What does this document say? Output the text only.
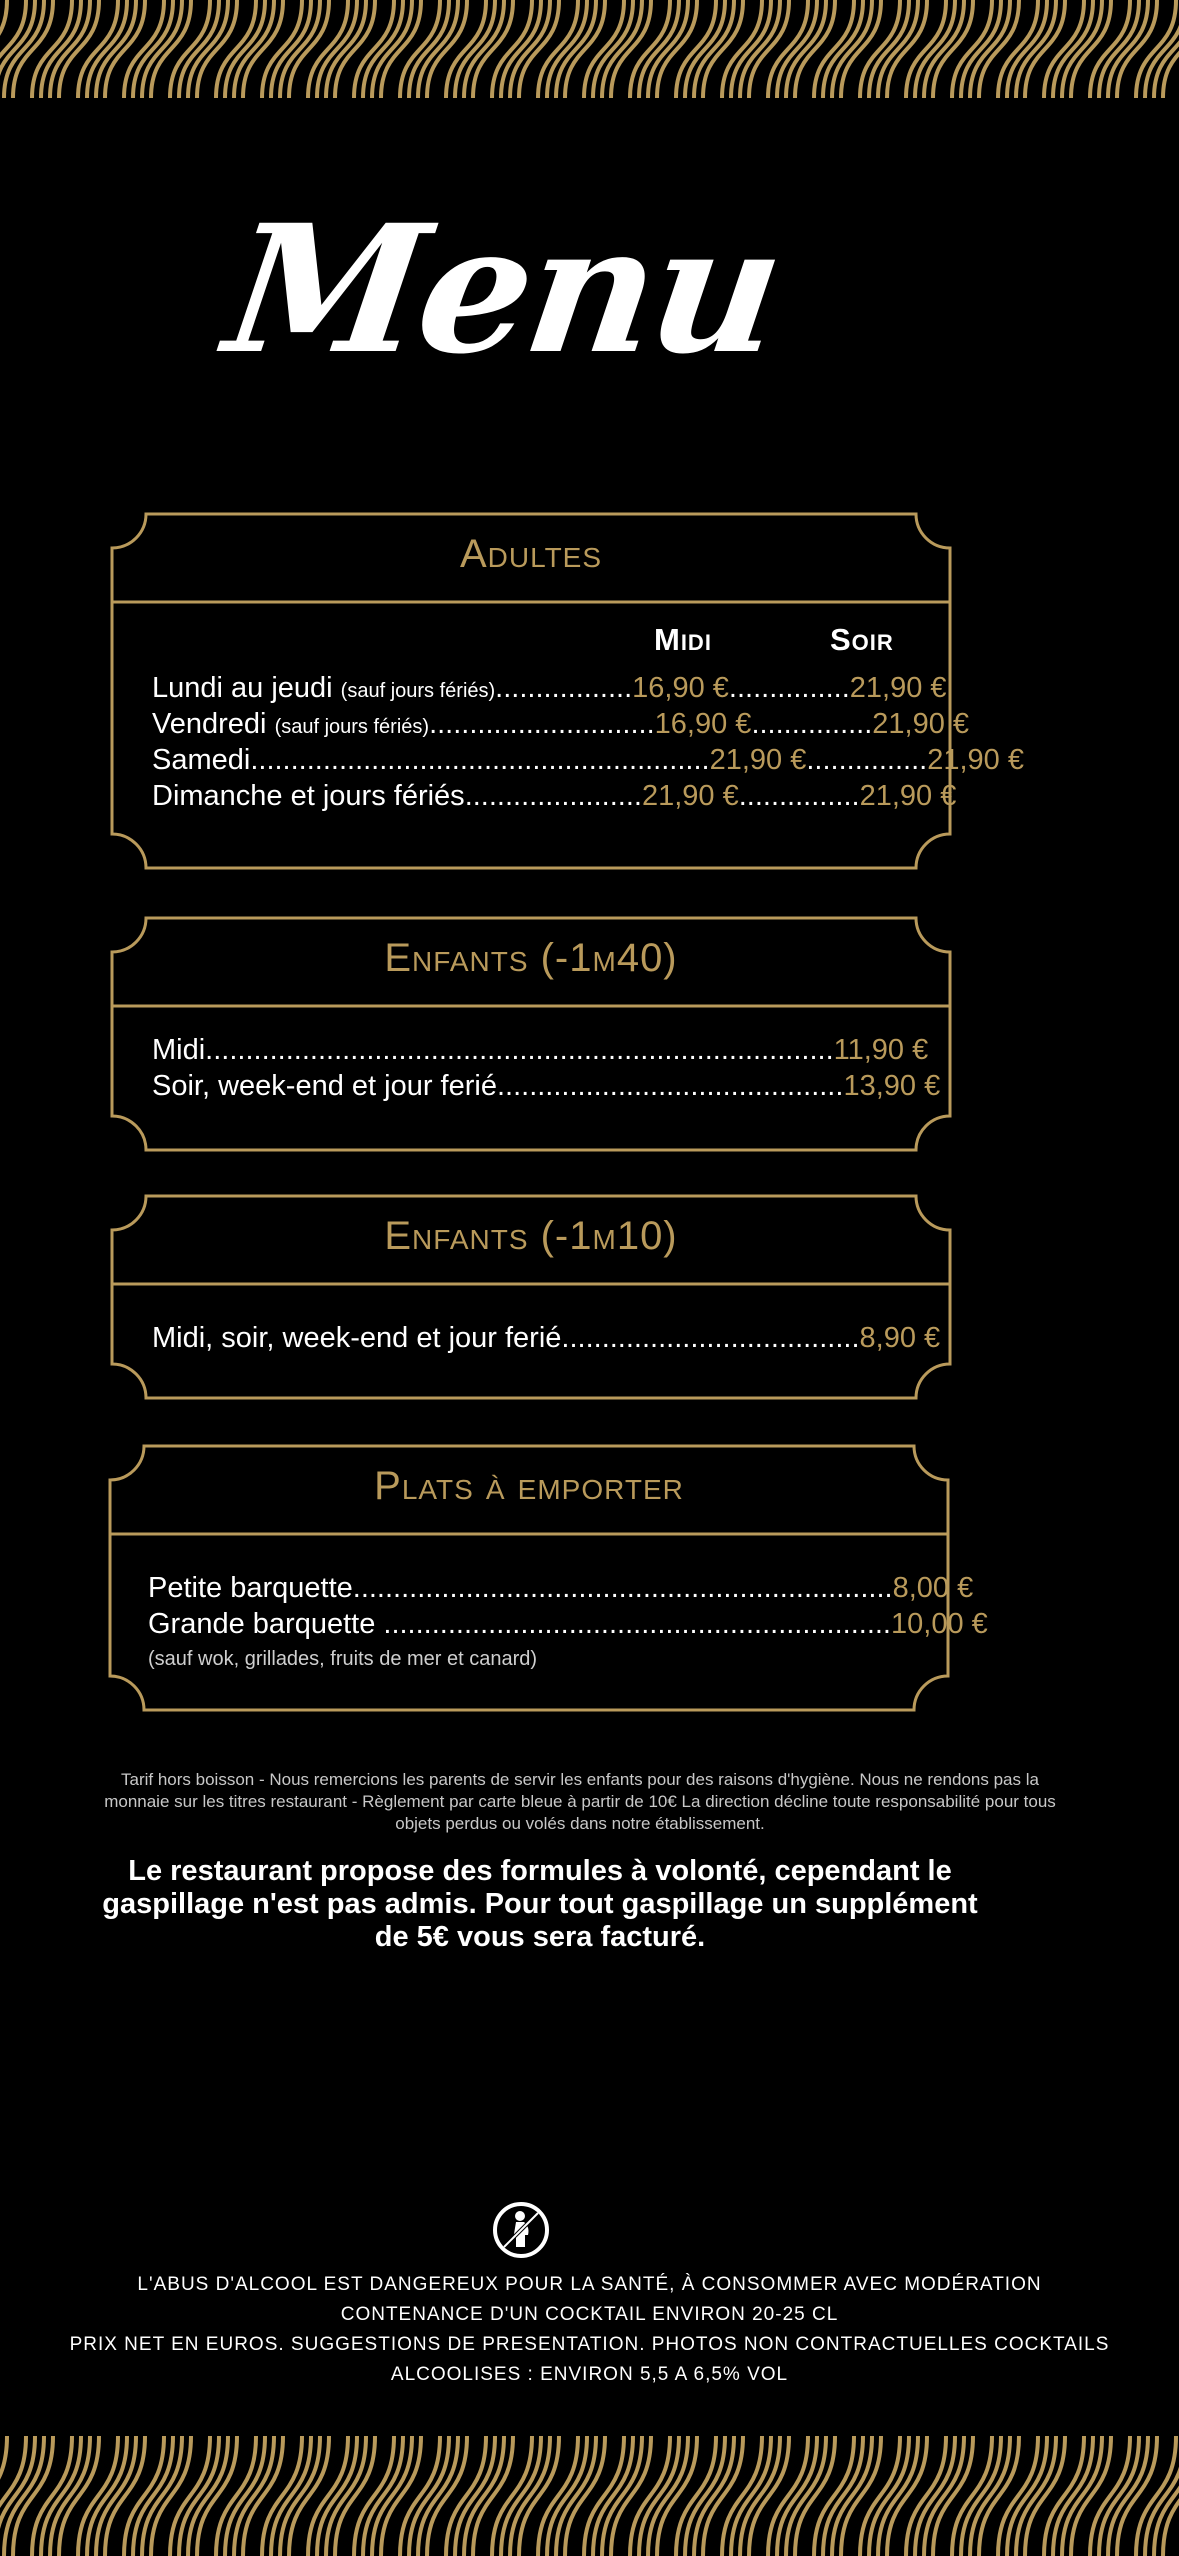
Menu
Adultes
Midi	Soir
Lundi au jeudi (sauf jours fériés).................16,90 €...............21,90 €
Vendredi (sauf jours fériés)............................16,90 €...............21,90 €
Samedi.........................................................21,90 €...............21,90 €
Dimanche et jours fériés......................21,90 €...............21,90 €
Enfants (-1m40)
Midi..............................................................................11,90 €
Soir, week-end et jour ferié...........................................13,90 €
Enfants (-1m10)
Midi, soir, week-end et jour ferié.....................................8,90 €
Plats à emporter
Petite barquette...................................................................8,00 €
Grande barquette ...............................................................10,00 €
(sauf wok, grillades, fruits de mer et canard)
Tarif hors boisson - Nous remercions les parents de servir les enfants pour des raisons d'hygiène. Nous ne rendons pas la monnaie sur les titres restaurant - Règlement par carte bleue à partir de 10€ La direction décline toute responsabilité pour tous objets perdus ou volés dans notre établissement.
Le restaurant propose des formules à volonté, cependant le gaspillage n'est pas admis. Pour tout gaspillage un supplément de 5€ vous sera facturé.
L'ABUS D'ALCOOL EST DANGEREUX POUR LA SANTÉ, À CONSOMMER AVEC MODÉRATION
CONTENANCE D'UN COCKTAIL ENVIRON 20-25 CL
PRIX NET EN EUROS. SUGGESTIONS DE PRESENTATION. PHOTOS NON CONTRACTUELLES COCKTAILS
ALCOOLISES : ENVIRON 5,5 A 6,5% VOL
